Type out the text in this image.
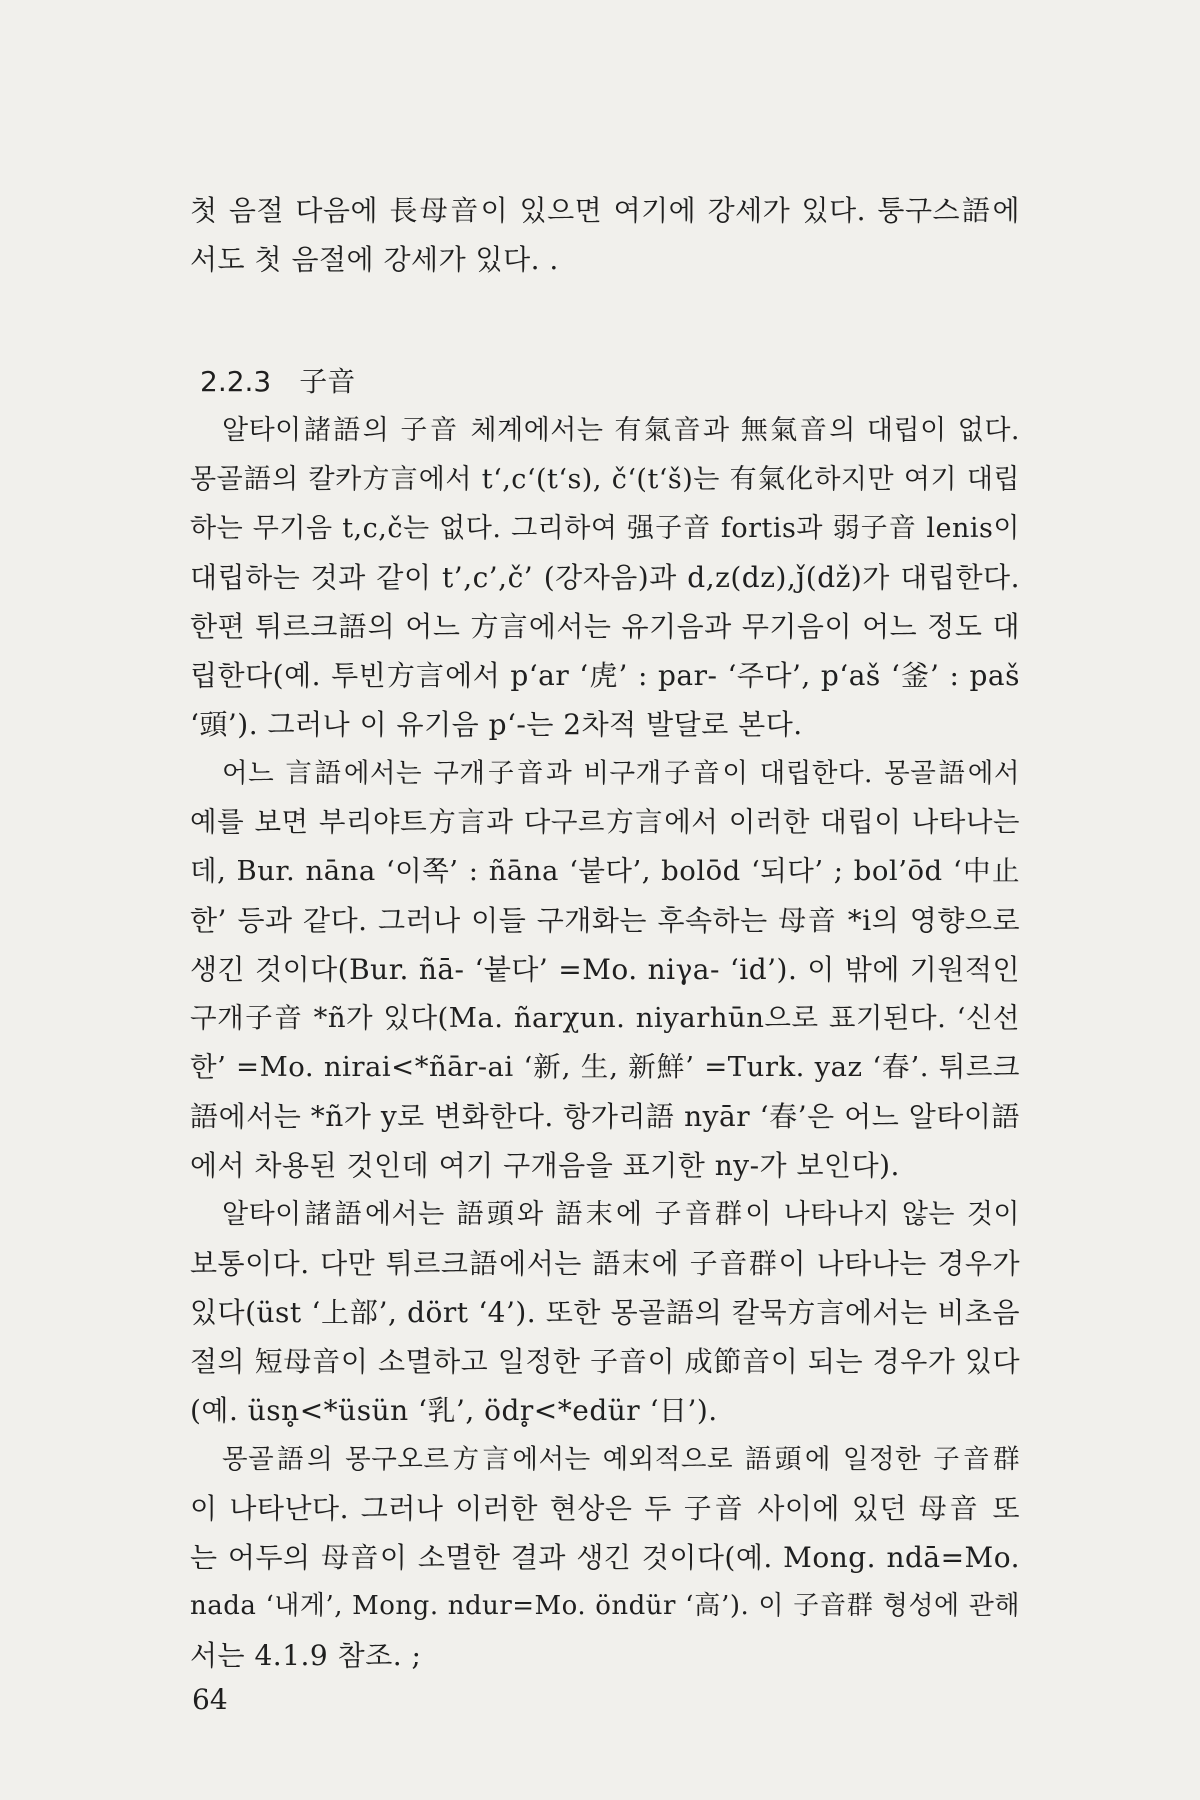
첫 음절 다음에 長母音이 있으면 여기에 강세가 있다. 퉁구스語에
서도 첫 음절에 강세가 있다. .

2.2.3 子音

알타이諸語의 子音 체계에서는 有氣音과 無氣音의 대립이 없다.
몽골語의 칼카方言에서 t‘,c‘(t‘s), č‘(t‘š)는 有氣化하지만 여기 대립
하는 무기음 t,c,č는 없다. 그리하여 强子音 fortis과 弱子音 lenis이
대립하는 것과 같이 t’,c’,č’ (강자음)과 d,z(dz),ǰ(dž)가 대립한다.
한편 튀르크語의 어느 方言에서는 유기음과 무기음이 어느 정도 대
립한다(예. 투빈方言에서 p‘ar ‘虎’ : par- ‘주다’, p‘aš ‘釜’ : paš
‘頭’). 그러나 이 유기음 p‘-는 2차적 발달로 본다.

어느 言語에서는 구개子音과 비구개子音이 대립한다. 몽골語에서
예를 보면 부리야트方言과 다구르方言에서 이러한 대립이 나타나는
데, Bur. nāna ‘이쪽’ : ñāna ‘붙다’, bolōd ‘되다’ ; bol’ōd ‘中止
한’ 등과 같다. 그러나 이들 구개화는 후속하는 母音 *i의 영향으로
생긴 것이다(Bur. ñā- ‘붙다’ =Mo. niγa- ‘id’). 이 밖에 기원적인
구개子音 *ñ가 있다(Ma. ñarχun. niyarhūn으로 표기된다. ‘신선
한’ =Mo. nirai<*ñār-ai ‘新, 生, 新鮮’ =Turk. yaz ‘春’. 튀르크
語에서는 *ñ가 y로 변화한다. 항가리語 nyār ‘春’은 어느 알타이語
에서 차용된 것인데 여기 구개음을 표기한 ny-가 보인다).

알타이諸語에서는 語頭와 語末에 子音群이 나타나지 않는 것이
보통이다. 다만 튀르크語에서는 語末에 子音群이 나타나는 경우가
있다(üst ‘上部’, dört ‘4’). 또한 몽골語의 칼묵方言에서는 비초음
절의 短母音이 소멸하고 일정한 子音이 成節音이 되는 경우가 있다
(예. üsn̥<*üsün ‘乳’, ödr̥<*edür ‘日’).

몽골語의 몽구오르方言에서는 예외적으로 語頭에 일정한 子音群
이 나타난다. 그러나 이러한 현상은 두 子音 사이에 있던 母音 또
는 어두의 母音이 소멸한 결과 생긴 것이다(예. Mong. ndā=Mo.
nada ‘내게’, Mong. ndur=Mo. öndür ‘高’). 이 子音群 형성에 관해
서는 4.1.9 참조. ;

64
